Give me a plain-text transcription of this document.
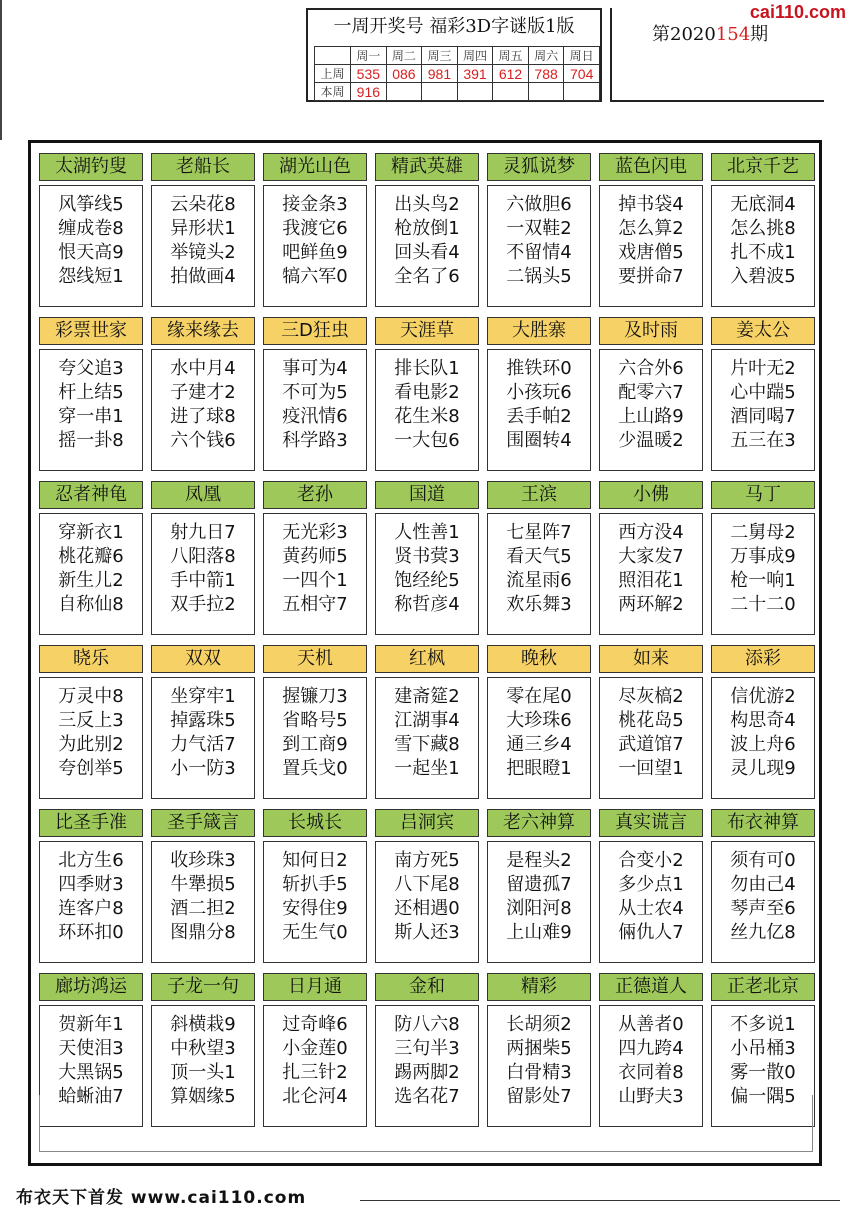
一周开奖号 福彩3D字谜版1版
	周一	周二	周三	周四	周五	周六	周日
上周	535	086	981	391	612	788	704
本周	916						
第2020154期
cai110.com
太湖钓叟
风筝线5
缠成卷8
恨天高9
怨线短1
老船长
云朵花8
异形状1
举镜头2
拍做画4
湖光山色
接金条3
我渡它6
吧鲜鱼9
犒六军0
精武英雄
出头鸟2
枪放倒1
回头看4
全名了6
灵狐说梦
六做胆6
一双鞋2
不留情4
二锅头5
蓝色闪电
掉书袋4
怎么算2
戏唐僧5
要拼命7
北京千艺
无底洞4
怎么挑8
扎不成1
入碧波5
彩票世家
夸父追3
杆上结5
穿一串1
摇一卦8
缘来缘去
水中月4
子建才2
进了球8
六个钱6
三D狂虫
事可为4
不可为5
疫汛情6
科学路3
天涯草
排长队1
看电影2
花生米8
一大包6
大胜寨
推铁环0
小孩玩6
丢手帕2
围圈转4
及时雨
六合外6
配零六7
上山路9
少温暖2
姜太公
片叶无2
心中踹5
酒同喝7
五三在3
忍者神龟
穿新衣1
桃花瓣6
新生儿2
自称仙8
凤凰
射九日7
八阳落8
手中箭1
双手拉2
老孙
无光彩3
黄药师5
一四个1
五相守7
国道
人性善1
贤书蓂3
饱经纶5
称哲彦4
王滨
七星阵7
看天气5
流星雨6
欢乐舞3
小佛
西方没4
大家发7
照泪花1
两环解2
马丁
二舅母2
万事成9
枪一响1
二十二0
晓乐
万灵中8
三反上3
为此别2
夸创举5
双双
坐穿牢1
掉露珠5
力气活7
小一防3
天机
握镰刀3
省略号5
到工商9
置兵戈0
红枫
建斋筵2
江湖事4
雪下藏8
一起坐1
晚秋
零在尾0
大珍珠6
通三乡4
把眼瞪1
如来
尽灰槁2
桃花岛5
武道馆7
一回望1
添彩
信优游2
构思奇4
波上舟6
灵儿现9
比圣手准
北方生6
四季财3
连客户8
环环扣0
圣手箴言
收珍珠3
牛犟损5
酒二担2
图鼎分8
长城长
知何日2
斩扒手5
安得住9
无生气0
吕洞宾
南方死5
八下尾8
还相遇0
斯人还3
老六神算
是程头2
留遗孤7
浏阳河8
上山难9
真实谎言
合变小2
多少点1
从士农4
倆仇人7
布衣神算
须有可0
勿由己4
琴声至6
丝九亿8
廊坊鸿运
贺新年1
天使泪3
大黑锅5
蛤蜥油7
子龙一句
斜横栽9
中秋望3
顶一头1
算姻缘5
日月通
过奇峰6
小金莲0
扎三针2
北仑河4
金和
防八六8
三句半3
踢两脚2
选名花7
精彩
长胡须2
两捆柴5
白骨精3
留影处7
正德道人
从善者0
四九跨4
衣同着8
山野夫3
正老北京
不多说1
小吊桶3
雾一散0
偏一隅5
布衣天下首发 www.cai110.com
